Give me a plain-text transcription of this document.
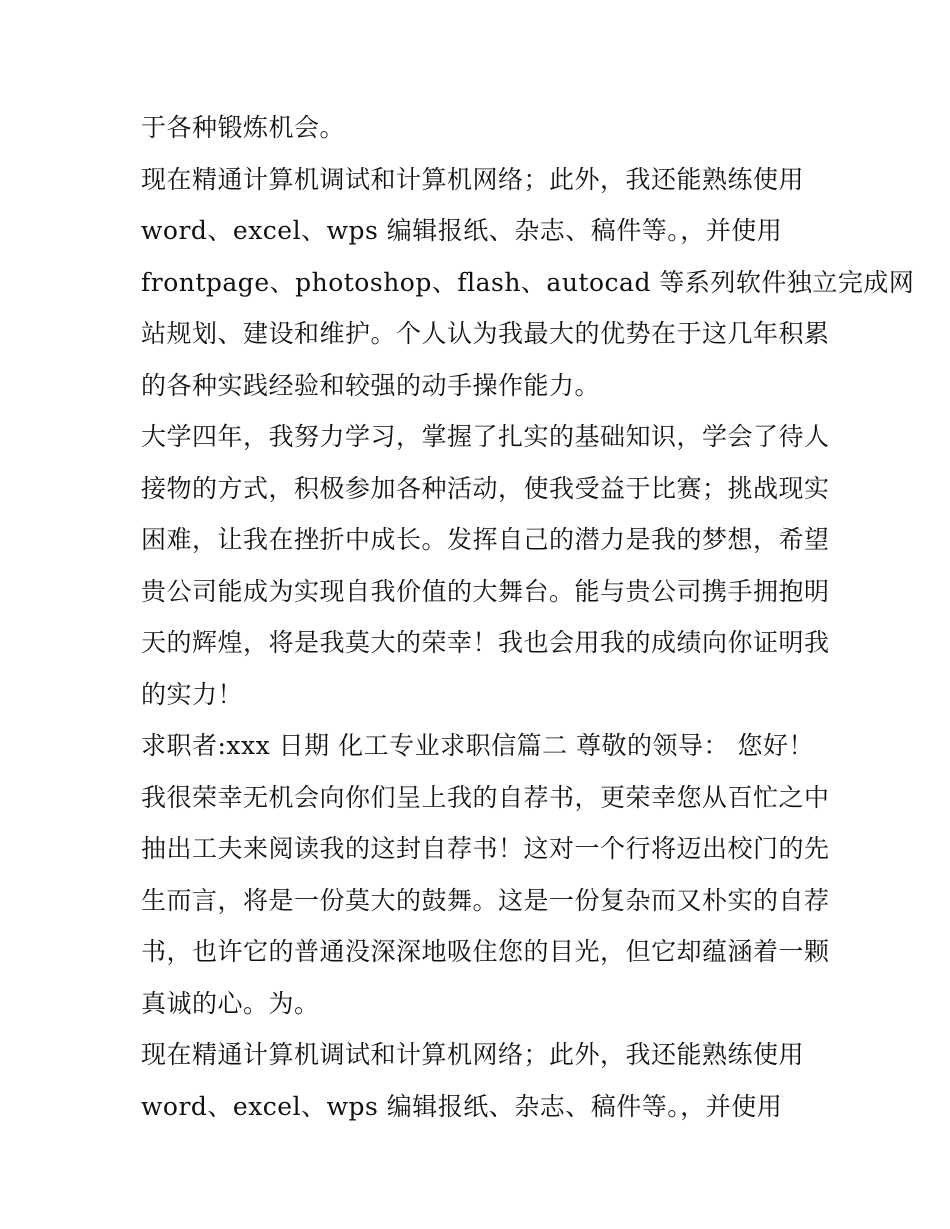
于各种锻炼机会。
现在精通计算机调试和计算机网络；此外，我还能熟练使用
word、excel、wps 编辑报纸、杂志、稿件等。，并使用
frontpage、photoshop、flash、autocad 等系列软件独立完成网
站规划、建设和维护。个人认为我最大的优势在于这几年积累
的各种实践经验和较强的动手操作能力。
大学四年，我努力学习，掌握了扎实的基础知识，学会了待人
接物的方式，积极参加各种活动，使我受益于比赛；挑战现实
困难，让我在挫折中成长。发挥自己的潜力是我的梦想，希望
贵公司能成为实现自我价值的大舞台。能与贵公司携手拥抱明
天的辉煌，将是我莫大的荣幸！我也会用我的成绩向你证明我
的实力！
求职者:xxx 日期 化工专业求职信篇二 尊敬的领导： 您好！
我很荣幸无机会向你们呈上我的自荐书，更荣幸您从百忙之中
抽出工夫来阅读我的这封自荐书！这对一个行将迈出校门的先
生而言，将是一份莫大的鼓舞。这是一份复杂而又朴实的自荐
书，也许它的普通没深深地吸住您的目光，但它却蕴涵着一颗
真诚的心。为。
现在精通计算机调试和计算机网络；此外，我还能熟练使用
word、excel、wps 编辑报纸、杂志、稿件等。，并使用
